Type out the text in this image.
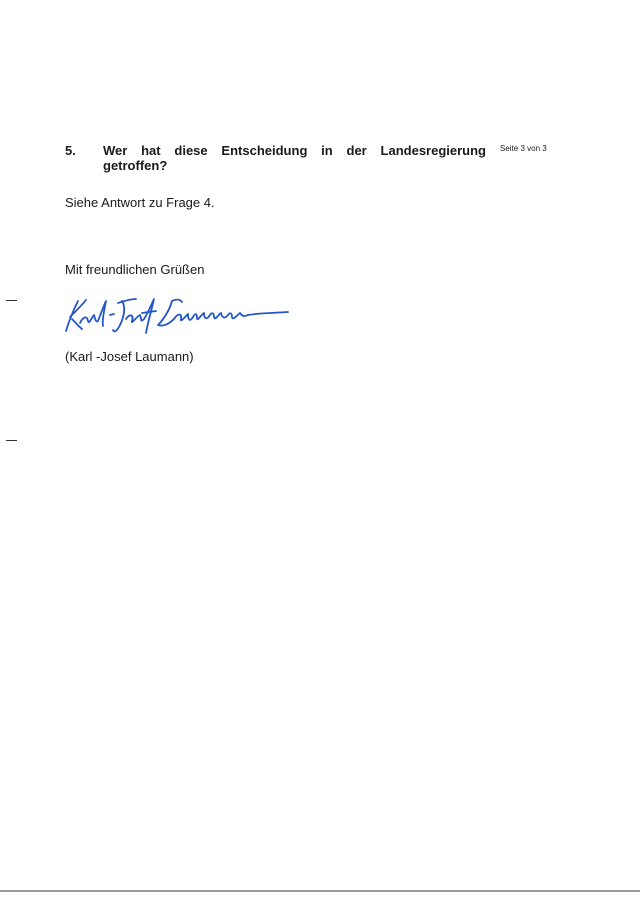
5. Wer hat diese Entscheidung in der Landesregierung getroffen?
Seite 3 von 3
Siehe Antwort zu Frage 4.
Mit freundlichen Grüßen
(Karl -Josef Laumann)
